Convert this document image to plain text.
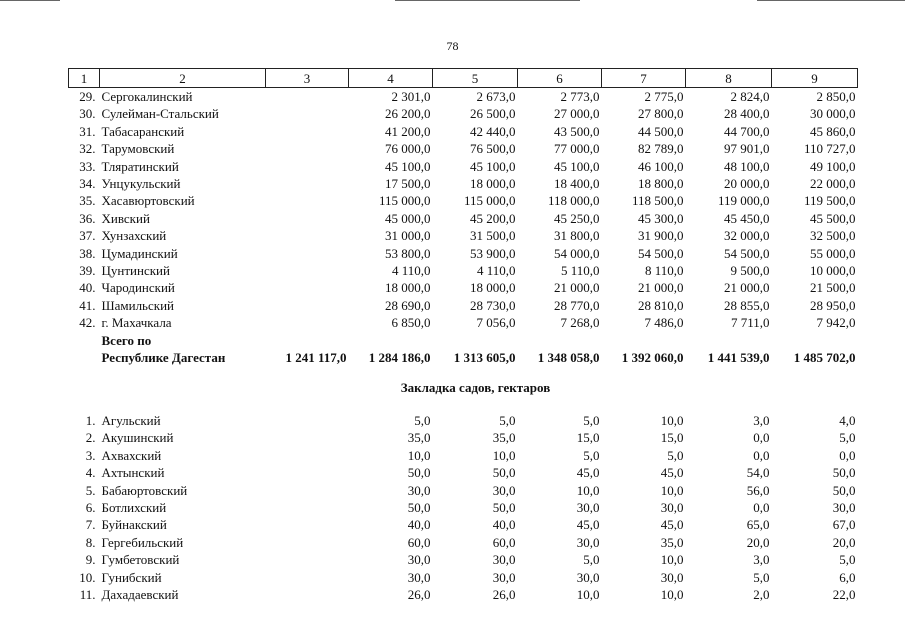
78
1	2	3	4	5	6	7	8	9
29.	Сергокалинский		2 301,0	2 673,0	2 773,0	2 775,0	2 824,0	2 850,0
30.	Сулейман-Стальский		26 200,0	26 500,0	27 000,0	27 800,0	28 400,0	30 000,0
31.	Табасаранский		41 200,0	42 440,0	43 500,0	44 500,0	44 700,0	45 860,0
32.	Тарумовский		76 000,0	76 500,0	77 000,0	82 789,0	97 901,0	110 727,0
33.	Тляратинский		45 100,0	45 100,0	45 100,0	46 100,0	48 100,0	49 100,0
34.	Унцукульский		17 500,0	18 000,0	18 400,0	18 800,0	20 000,0	22 000,0
35.	Хасавюртовский		115 000,0	115 000,0	118 000,0	118 500,0	119 000,0	119 500,0
36.	Хивский		45 000,0	45 200,0	45 250,0	45 300,0	45 450,0	45 500,0
37.	Хунзахский		31 000,0	31 500,0	31 800,0	31 900,0	32 000,0	32 500,0
38.	Цумадинский		53 800,0	53 900,0	54 000,0	54 500,0	54 500,0	55 000,0
39.	Цунтинский		4 110,0	4 110,0	5 110,0	8 110,0	9 500,0	10 000,0
40.	Чародинский		18 000,0	18 000,0	21 000,0	21 000,0	21 000,0	21 500,0
41.	Шамильский		28 690,0	28 730,0	28 770,0	28 810,0	28 855,0	28 950,0
42.	г. Махачкала		6 850,0	7 056,0	7 268,0	7 486,0	7 711,0	7 942,0
	Всего по							
	Республике Дагестан	1 241 117,0	1 284 186,0	1 313 605,0	1 348 058,0	1 392 060,0	1 441 539,0	1 485 702,0
		Закладка садов, гектаров						

1.	Агульский		5,0	5,0	5,0	10,0	3,0	4,0
2.	Акушинский		35,0	35,0	15,0	15,0	0,0	5,0
3.	Ахвахский		10,0	10,0	5,0	5,0	0,0	0,0
4.	Ахтынский		50,0	50,0	45,0	45,0	54,0	50,0
5.	Бабаюртовский		30,0	30,0	10,0	10,0	56,0	50,0
6.	Ботлихский		50,0	50,0	30,0	30,0	0,0	30,0
7.	Буйнакский		40,0	40,0	45,0	45,0	65,0	67,0
8.	Гергебильский		60,0	60,0	30,0	35,0	20,0	20,0
9.	Гумбетовский		30,0	30,0	5,0	10,0	3,0	5,0
10.	Гунибский		30,0	30,0	30,0	30,0	5,0	6,0
11.	Дахадаевский		26,0	26,0	10,0	10,0	2,0	22,0
